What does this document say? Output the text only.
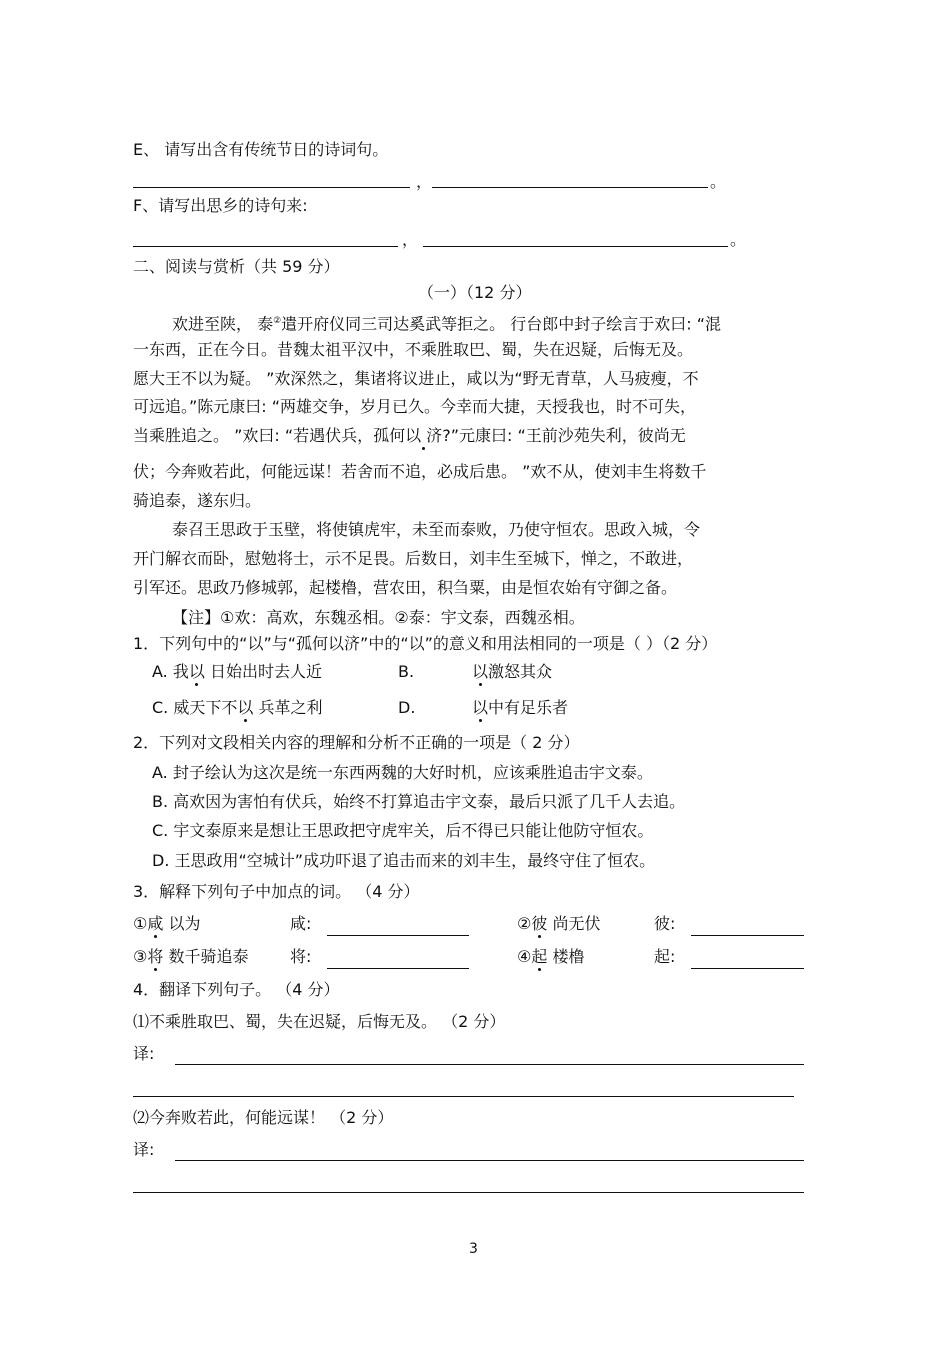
E、 请写出含有传统节日的诗词句。
，	。
F、请写出思乡的诗句来:
，	。
二、阅读与赏析（共 59 分）
（一）（12 分）
欢进至陕， 泰②遣开府仪同三司达奚武等拒之。 行台郎中封子绘言于欢曰: “混
一东西，正在今日。昔魏太祖平汉中，不乘胜取巴、蜀，失在迟疑，后悔无及。
愿大王不以为疑。 ”欢深然之，集诸将议进止，咸以为“野无青草，人马疲瘦，不
可远追。”陈元康曰: “两雄交争，岁月已久。今幸而大捷，天授我也，时不可失，
当乘胜追之。 ”欢曰: “若遇伏兵，孤何以 济?”元康曰: “王前沙苑失利，彼尚无
伏；今奔败若此，何能远谋！若舍而不追，必成后患。 ”欢不从，使刘丰生将数千
骑追泰，遂东归。
泰召王思政于玉壁，将使镇虎牢，未至而泰败，乃使守恒农。思政入城，令
开门解衣而卧，慰勉将士，示不足畏。后数日，刘丰生至城下，惮之，不敢进，
引军还。思政乃修城郭，起楼橹，营农田，积刍粟，由是恒农始有守御之备。
【注】①欢：高欢，东魏丞相。②泰：宇文泰，西魏丞相。
1．下列句中的“以”与“孤何以济”中的“以”的意义和用法相同的一项是（ ）（2 分）
A. 我以 日始出时去人近	B.	以激怒其众
C. 威天下不以 兵革之利	D.	以中有足乐者
2．下列对文段相关内容的理解和分析不正确的一项是（ 2 分）
A. 封子绘认为这次是统一东西两魏的大好时机，应该乘胜追击宇文泰。
B. 高欢因为害怕有伏兵，始终不打算追击宇文泰，最后只派了几千人去追。
C. 宇文泰原来是想让王思政把守虎牢关，后不得已只能让他防守恒农。
D. 王思政用“空城计”成功吓退了追击而来的刘丰生，最终守住了恒农。
3．解释下列句子中加点的词。 （4 分）
①咸 以为	咸:	②彼 尚无伏	彼:
③将 数千骑追泰	将:	④起 楼橹	起:
4．翻译下列句子。 （4 分）
⑴不乘胜取巴、蜀，失在迟疑，后悔无及。 （2 分）
译:
⑵今奔败若此，何能远谋！ （2 分）
译:
3
